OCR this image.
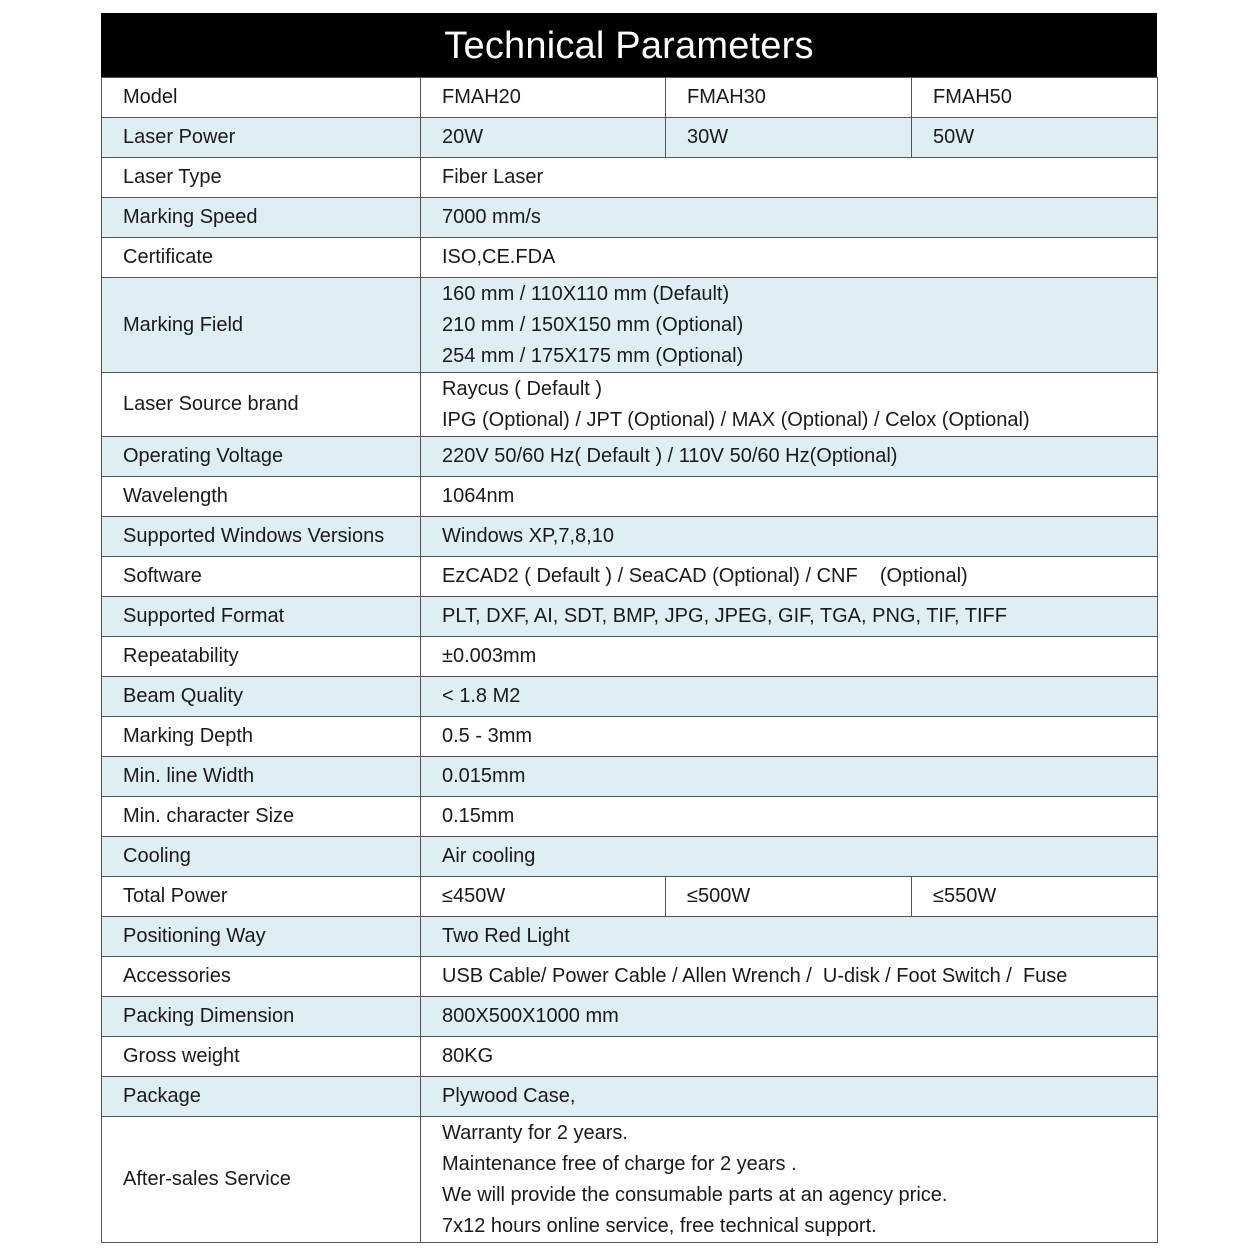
Technical Parameters
Model	FMAH20	FMAH30	FMAH50
Laser Power	20W	30W	50W
Laser Type	Fiber Laser		
Marking Speed	7000 mm/s		
Certificate	ISO,CE.FDA		
Marking Field	160 mm / 110X110 mm (Default)
210 mm / 150X150 mm (Optional)
254 mm / 175X175 mm (Optional)		

Laser Source brand	Raycus ( Default )
IPG (Optional) / JPT (Optional) / MAX (Optional) / Celox (Optional)		

Operating Voltage	220V 50/60 Hz( Default ) / 110V 50/60 Hz(Optional)		
Wavelength	1064nm		
Supported Windows Versions	Windows XP,7,8,10		
Software	EzCAD2 ( Default ) / SeaCAD (Optional) / CNF    (Optional)		
Supported Format	PLT, DXF, AI, SDT, BMP, JPG, JPEG, GIF, TGA, PNG, TIF, TIFF		
Repeatability	±0.003mm		
Beam Quality	< 1.8 M2		
Marking Depth	0.5 - 3mm		
Min. line Width	0.015mm		
Min. character Size	0.15mm		
Cooling	Air cooling		
Total Power	≤450W	≤500W	≤550W
Positioning Way	Two Red Light		
Accessories	USB Cable/ Power Cable / Allen Wrench /  U-disk / Foot Switch /  Fuse		
Packing Dimension	800X500X1000 mm		
Gross weight	80KG		
Package	Plywood Case,		
After-sales Service	Warranty for 2 years.
Maintenance free of charge for 2 years .
We will provide the consumable parts at an agency price.
7x12 hours online service, free technical support.		
